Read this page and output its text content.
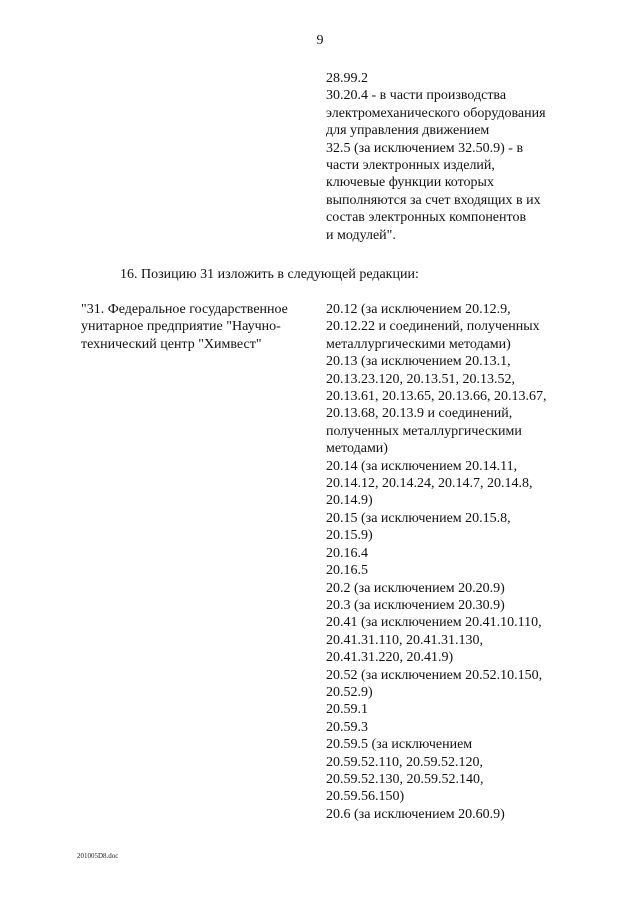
9
28.99.2
30.20.4 - в части производства
электромеханического оборудования
для управления движением
32.5 (за исключением 32.50.9) - в
части электронных изделий,
ключевые функции которых
выполняются за счет входящих в их
состав электронных компонентов
и модулей".
16. Позицию 31 изложить в следующей редакции:
"31. Федеральное государственное
унитарное предприятие "Научно-
технический центр "Химвест"
20.12 (за исключением 20.12.9,
20.12.22 и соединений, полученных
металлургическими методами)
20.13 (за исключением 20.13.1,
20.13.23.120, 20.13.51, 20.13.52,
20.13.61, 20.13.65, 20.13.66, 20.13.67,
20.13.68, 20.13.9 и соединений,
полученных металлургическими
методами)
20.14 (за исключением 20.14.11,
20.14.12, 20.14.24, 20.14.7, 20.14.8,
20.14.9)
20.15 (за исключением 20.15.8,
20.15.9)
20.16.4
20.16.5
20.2 (за исключением 20.20.9)
20.3 (за исключением 20.30.9)
20.41 (за исключением 20.41.10.110,
20.41.31.110, 20.41.31.130,
20.41.31.220, 20.41.9)
20.52 (за исключением 20.52.10.150,
20.52.9)
20.59.1
20.59.3
20.59.5 (за исключением
20.59.52.110, 20.59.52.120,
20.59.52.130, 20.59.52.140,
20.59.56.150)
20.6 (за исключением 20.60.9)
201005D8.doc
